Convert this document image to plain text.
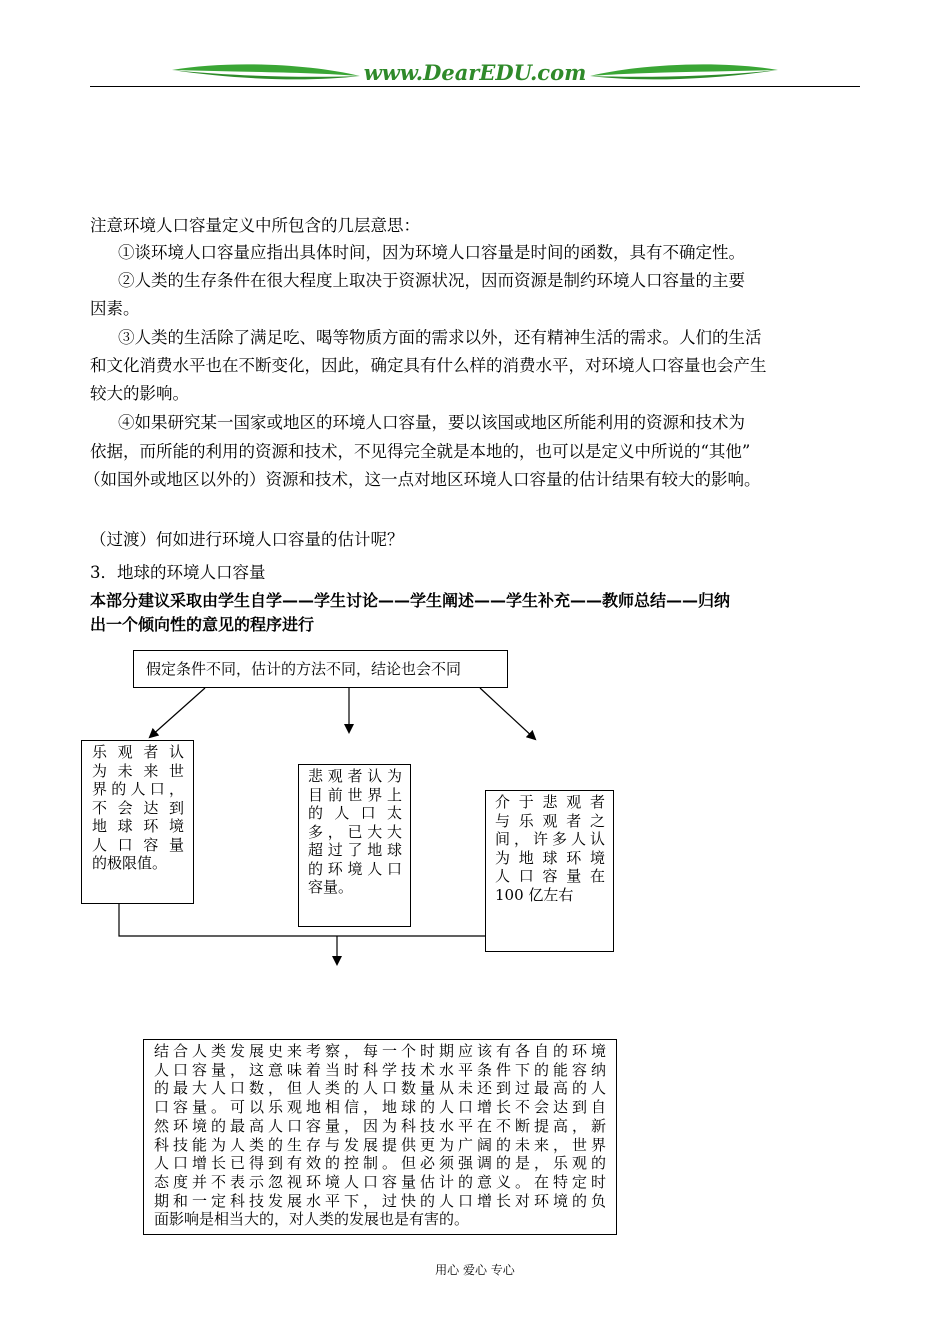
www.DearEDU.com
注意环境人口容量定义中所包含的几层意思：
①谈环境人口容量应指出具体时间，因为环境人口容量是时间的函数，具有不确定性。
②人类的生存条件在很大程度上取决于资源状况，因而资源是制约环境人口容量的主要
因素。
③人类的生活除了满足吃、喝等物质方面的需求以外，还有精神生活的需求。人们的生活
和文化消费水平也在不断变化，因此，确定具有什么样的消费水平，对环境人口容量也会产生
较大的影响。
④如果研究某一国家或地区的环境人口容量，要以该国或地区所能利用的资源和技术为
依据，而所能的利用的资源和技术，不见得完全就是本地的，也可以是定义中所说的“其他”
（如国外或地区以外的）资源和技术，这一点对地区环境人口容量的估计结果有较大的影响。
（过渡）何如进行环境人口容量的估计呢？
3．地球的环境人口容量
本部分建议采取由学生自学——学生讨论——学生阐述——学生补充——教师总结——归纳
出一个倾向性的意见的程序进行
假定条件不同，估计的方法不同，结论也会不同
乐观者认
为未来世
界的人口，
不会达到
地球环境
人口容量
的极限值。
悲观者认为
目前世界上
的人口太
多，已大大
超过了地球
的环境人口
容量。
介于悲观者
与乐观者之
间，许多人认
为地球环境
人口容量在
100 亿左右
结合人类发展史来考察，每一个时期应该有各自的环境
人口容量，这意味着当时科学技术水平条件下的能容纳
的最大人口数，但人类的人口数量从未还到过最高的人
口容量。可以乐观地相信，地球的人口增长不会达到自
然环境的最高人口容量，因为科技水平在不断提高，新
科技能为人类的生存与发展提供更为广阔的未来，世界
人口增长已得到有效的控制。但必须强调的是，乐观的
态度并不表示忽视环境人口容量估计的意义。在特定时
期和一定科技发展水平下，过快的人口增长对环境的负
面影响是相当大的，对人类的发展也是有害的。
用心 爱心 专心
